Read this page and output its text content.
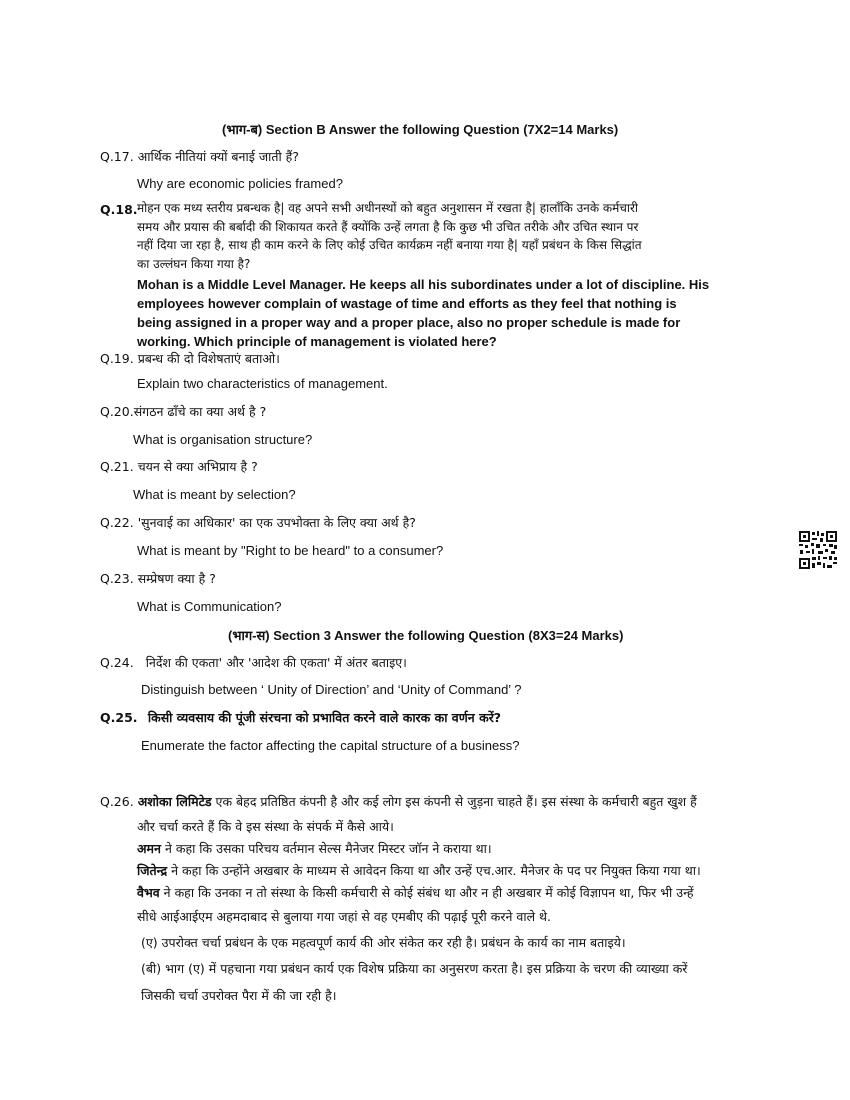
(भाग-ब) Section B Answer the following Question (7X2=14 Marks)
Q.17. आर्थिक नीतियां क्यों बनाई जाती हैं?
Why are economic policies framed?
Q.18. मोहन एक मध्य स्तरीय प्रबन्धक है| वह अपने सभी अधीनस्थों को बहुत अनुशासन में रखता है| हालाँकि उनके कर्मचारी
समय और प्रयास की बर्बादी की शिकायत करते हैं क्योंकि उन्हें लगता है कि कुछ भी उचित तरीके और उचित स्थान पर
नहीं दिया जा रहा है, साथ ही काम करने के लिए कोई उचित कार्यक्रम नहीं बनाया गया है| यहाँ प्रबंधन के किस सिद्धांत
का उल्लंघन किया गया है?
Mohan is a Middle Level Manager. He keeps all his subordinates under a lot of discipline. His
employees however complain of wastage of time and efforts as they feel that nothing is
being assigned in a proper way and a proper place, also no proper schedule is made for
working. Which principle of management is violated here?
Q.19. प्रबन्ध की दो विशेषताएं बताओ।
Explain two characteristics of management.
Q.20.संगठन ढाँचे का क्या अर्थ है ?
What is organisation structure?
Q.21. चयन से क्या अभिप्राय है ?
What is meant by selection?
Q.22. 'सुनवाई का अधिकार' का एक उपभोक्ता के लिए क्या अर्थ है?
What is meant by "Right to be heard" to a consumer?
Q.23. सम्प्रेषण क्या है ?
What is Communication?
(भाग-स) Section 3 Answer the following Question (8X3=24 Marks)
Q.24. निर्देश की एकता' और 'आदेश की एकता' में अंतर बताइए।
Distinguish between ‘ Unity of Direction’ and ‘Unity of Command’ ?
Q.25. किसी व्यवसाय की पूंजी संरचना को प्रभावित करने वाले कारक का वर्णन करें?
Enumerate the factor affecting the capital structure of a business?
Q.26. अशोका लिमिटेड एक बेहद प्रतिष्ठित कंपनी है और कई लोग इस कंपनी से जुड़ना चाहते हैं। इस संस्था के कर्मचारी बहुत खुश हैं
और चर्चा करते हैं कि वे इस संस्था के संपर्क में कैसे आये।
अमन ने कहा कि उसका परिचय वर्तमान सेल्स मैनेजर मिस्टर जॉन ने कराया था।
जितेन्द्र ने कहा कि उन्होंने अखबार के माध्यम से आवेदन किया था और उन्हें एच.आर. मैनेजर के पद पर नियुक्त किया गया था।
वैभव ने कहा कि उनका न तो संस्था के किसी कर्मचारी से कोई संबंध था और न ही अखबार में कोई विज्ञापन था, फिर भी उन्हें
सीधे आईआईएम अहमदाबाद से बुलाया गया जहां से वह एमबीए की पढ़ाई पूरी करने वाले थे.
(ए) उपरोक्त चर्चा प्रबंधन के एक महत्वपूर्ण कार्य की ओर संकेत कर रही है। प्रबंधन के कार्य का नाम बताइये।
(बी) भाग (ए) में पहचाना गया प्रबंधन कार्य एक विशेष प्रक्रिया का अनुसरण करता है। इस प्रक्रिया के चरण की व्याख्या करें
जिसकी चर्चा उपरोक्त पैरा में की जा रही है।
